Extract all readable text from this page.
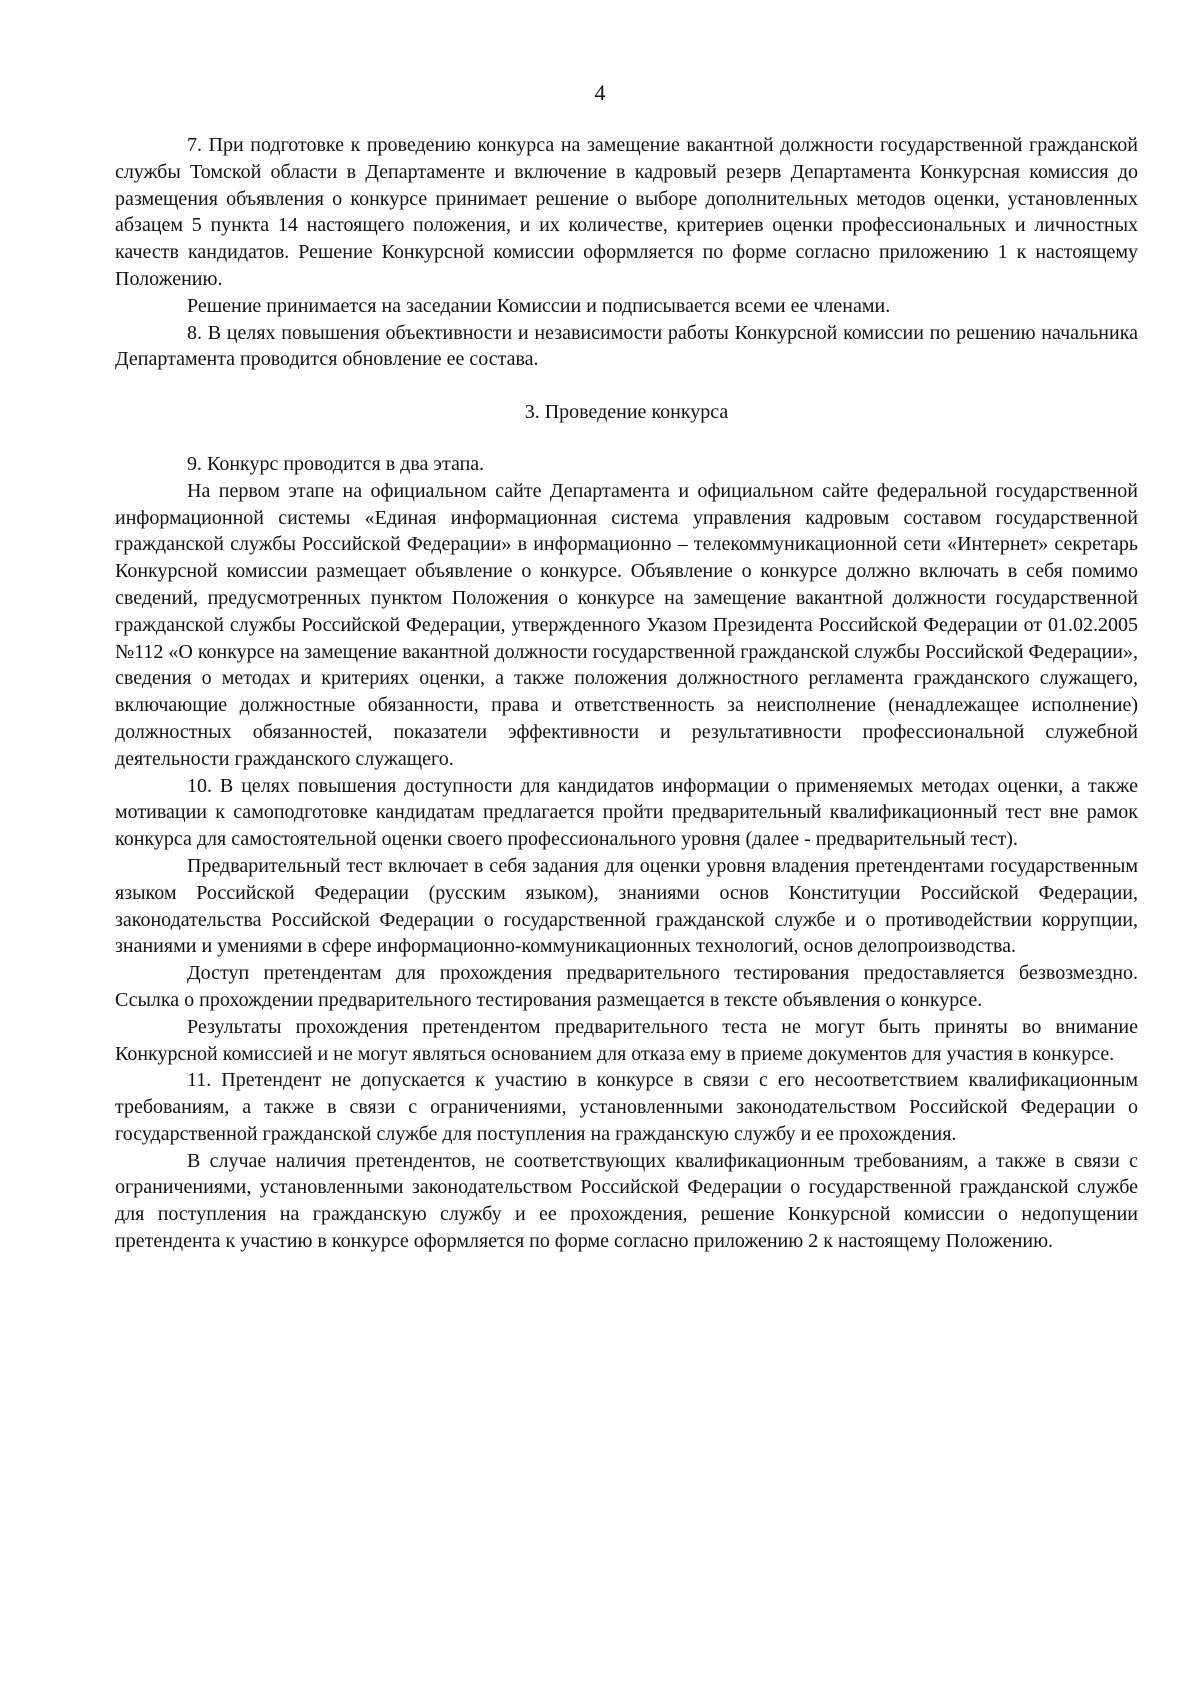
4

7. При подготовке к проведению конкурса на замещение вакантной должности государственной гражданской службы Томской области в Департаменте и включение в кадровый резерв Департамента Конкурсная комиссия до размещения объявления о конкурсе принимает решение о выборе дополнительных методов оценки, установленных абзацем 5 пункта 14 настоящего положения, и их количестве, критериев оценки профессиональных и личностных качеств кандидатов. Решение Конкурсной комиссии оформляется по форме согласно приложению 1 к настоящему Положению.

Решение принимается на заседании Комиссии и подписывается всеми ее членами.

8. В целях повышения объективности и независимости работы Конкурсной комиссии по решению начальника Департамента проводится обновление ее состава.

3. Проведение конкурса

9. Конкурс проводится в два этапа.

На первом этапе на официальном сайте Департамента и официальном сайте федеральной государственной информационной системы «Единая информационная система управления кадровым составом государственной гражданской службы Российской Федерации» в информационно – телекоммуникационной сети «Интернет» секретарь Конкурсной комиссии размещает объявление о конкурсе. Объявление о конкурсе должно включать в себя помимо сведений, предусмотренных пунктом Положения о конкурсе на замещение вакантной должности государственной гражданской службы Российской Федерации, утвержденного Указом Президента Российской Федерации от 01.02.2005 №112 «О конкурсе на замещение вакантной должности государственной гражданской службы Российской Федерации», сведения о методах и критериях оценки, а также положения должностного регламента гражданского служащего, включающие должностные обязанности, права и ответственность за неисполнение (ненадлежащее исполнение) должностных обязанностей, показатели эффективности и результативности профессиональной служебной деятельности гражданского служащего.

10. В целях повышения доступности для кандидатов информации о применяемых методах оценки, а также мотивации к самоподготовке кандидатам предлагается пройти предварительный квалификационный тест вне рамок конкурса для самостоятельной оценки своего профессионального уровня (далее - предварительный тест).

Предварительный тест включает в себя задания для оценки уровня владения претендентами государственным языком Российской Федерации (русским языком), знаниями основ Конституции Российской Федерации, законодательства Российской Федерации о государственной гражданской службе и о противодействии коррупции, знаниями и умениями в сфере информационно-коммуникационных технологий, основ делопроизводства.

Доступ претендентам для прохождения предварительного тестирования предоставляется безвозмездно. Ссылка о прохождении предварительного тестирования размещается в тексте объявления о конкурсе.

Результаты прохождения претендентом предварительного теста не могут быть приняты во внимание Конкурсной комиссией и не могут являться основанием для отказа ему в приеме документов для участия в конкурсе.

11. Претендент не допускается к участию в конкурсе в связи с его несоответствием квалификационным требованиям, а также в связи с ограничениями, установленными законодательством Российской Федерации о государственной гражданской службе для поступления на гражданскую службу и ее прохождения.

В случае наличия претендентов, не соответствующих квалификационным требованиям, а также в связи с ограничениями, установленными законодательством Российской Федерации о государственной гражданской службе для поступления на гражданскую службу и ее прохождения, решение Конкурсной комиссии о недопущении претендента к участию в конкурсе оформляется по форме согласно приложению 2 к настоящему Положению.
